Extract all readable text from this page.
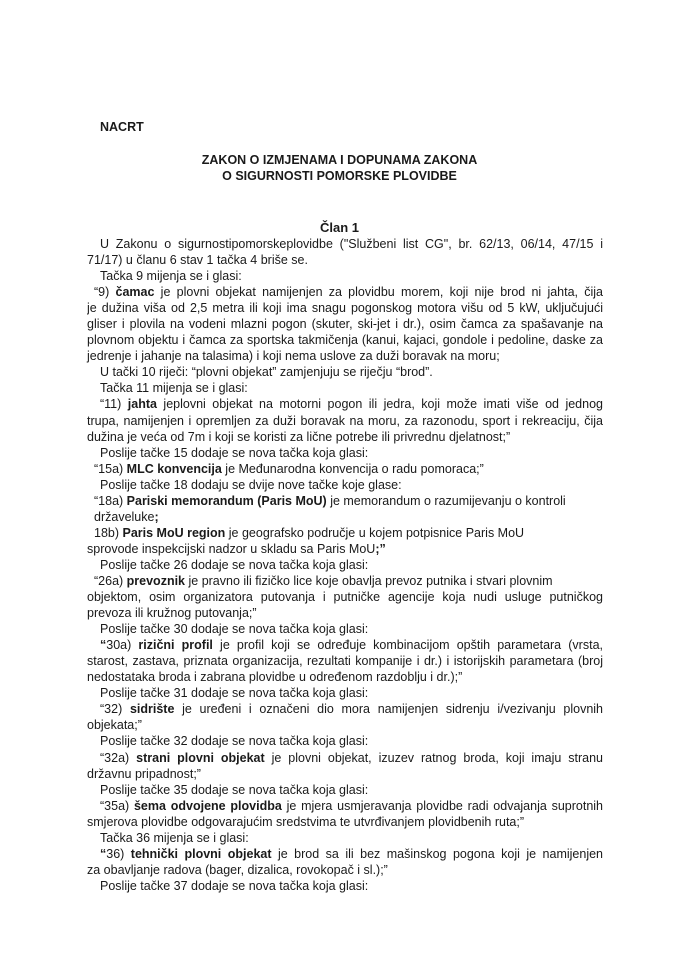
NACRT
ZAKON O IZMJENAMA I DOPUNAMA ZAKONA
O SIGURNOSTI POMORSKE PLOVIDBE
Član 1
U Zakonu o sigurnostipomorskeplovidbe ("Službeni list CG", br. 62/13, 06/14, 47/15 i
71/17) u članu 6 stav 1 tačka 4 briše se.
Tačka 9 mijenja se i glasi:
“9) čamac je plovni objekat namijenjen za plovidbu morem, koji nije brod ni jahta, čija
je dužina viša od 2,5 metra ili koji ima snagu pogonskog motora višu od 5 kW, uključujući
gliser i plovila na vodeni mlazni pogon (skuter, ski-jet i dr.), osim čamca za spašavanje na
plovnom objektu i čamca za sportska takmičenja (kanui, kajaci, gondole i pedoline, daske za
jedrenje i jahanje na talasima) i koji nema uslove za duži boravak na moru;
U tački 10 riječi: “plovni objekat” zamjenjuju se riječju “brod”.
Tačka 11 mijenja se i glasi:
“11) jahta jeplovni objekat na motorni pogon ili jedra, koji može imati više od jednog
trupa, namijenjen i opremljen za duži boravak na moru, za razonodu, sport i rekreaciju, čija
dužina je veća od 7m i koji se koristi za lične potrebe ili privrednu djelatnost;”
Poslije tačke 15 dodaje se nova tačka koja glasi:
“15a) MLC konvencija je Međunarodna konvencija o radu pomoraca;”
Poslije tačke 18 dodaju se dvije nove tačke koje glase:
“18a) Pariski memorandum (Paris MoU) je memorandum o razumijevanju o kontroli
državeluke;
18b) Paris MoU region je geografsko područje u kojem potpisnice Paris MoU
sprovode inspekcijski nadzor u skladu sa Paris MoU;”
Poslije tačke 26 dodaje se nova tačka koja glasi:
“26a) prevoznik je pravno ili fizičko lice koje obavlja prevoz putnika i stvari plovnim
objektom, osim organizatora putovanja i putničke agencije koja nudi usluge putničkog
prevoza ili kružnog putovanja;”
Poslije tačke 30 dodaje se nova tačka koja glasi:
“30a) rizični profil je profil koji se određuje kombinacijom opštih parametara (vrsta,
starost, zastava, priznata organizacija, rezultati kompanije i dr.) i istorijskih parametara (broj
nedostataka broda i zabrana plovidbe u određenom razdoblju i dr.);”
Poslije tačke 31 dodaje se nova tačka koja glasi:
“32) sidrište je uređeni i označeni dio mora namijenjen sidrenju i/vezivanju plovnih
objekata;”
Poslije tačke 32 dodaje se nova tačka koja glasi:
“32a) strani plovni objekat je plovni objekat, izuzev ratnog broda, koji imaju stranu
državnu pripadnost;”
Poslije tačke 35 dodaje se nova tačka koja glasi:
“35a) šema odvojene plovidba je mjera usmjeravanja plovidbe radi odvajanja suprotnih
smjerova plovidbe odgovarajućim sredstvima te utvrđivanjem plovidbenih ruta;”
Tačka 36 mijenja se i glasi:
“36) tehnički plovni objekat je brod sa ili bez mašinskog pogona koji je namijenjen
za obavljanje radova (bager, dizalica, rovokopač i sl.);”
Poslije tačke 37 dodaje se nova tačka koja glasi:
